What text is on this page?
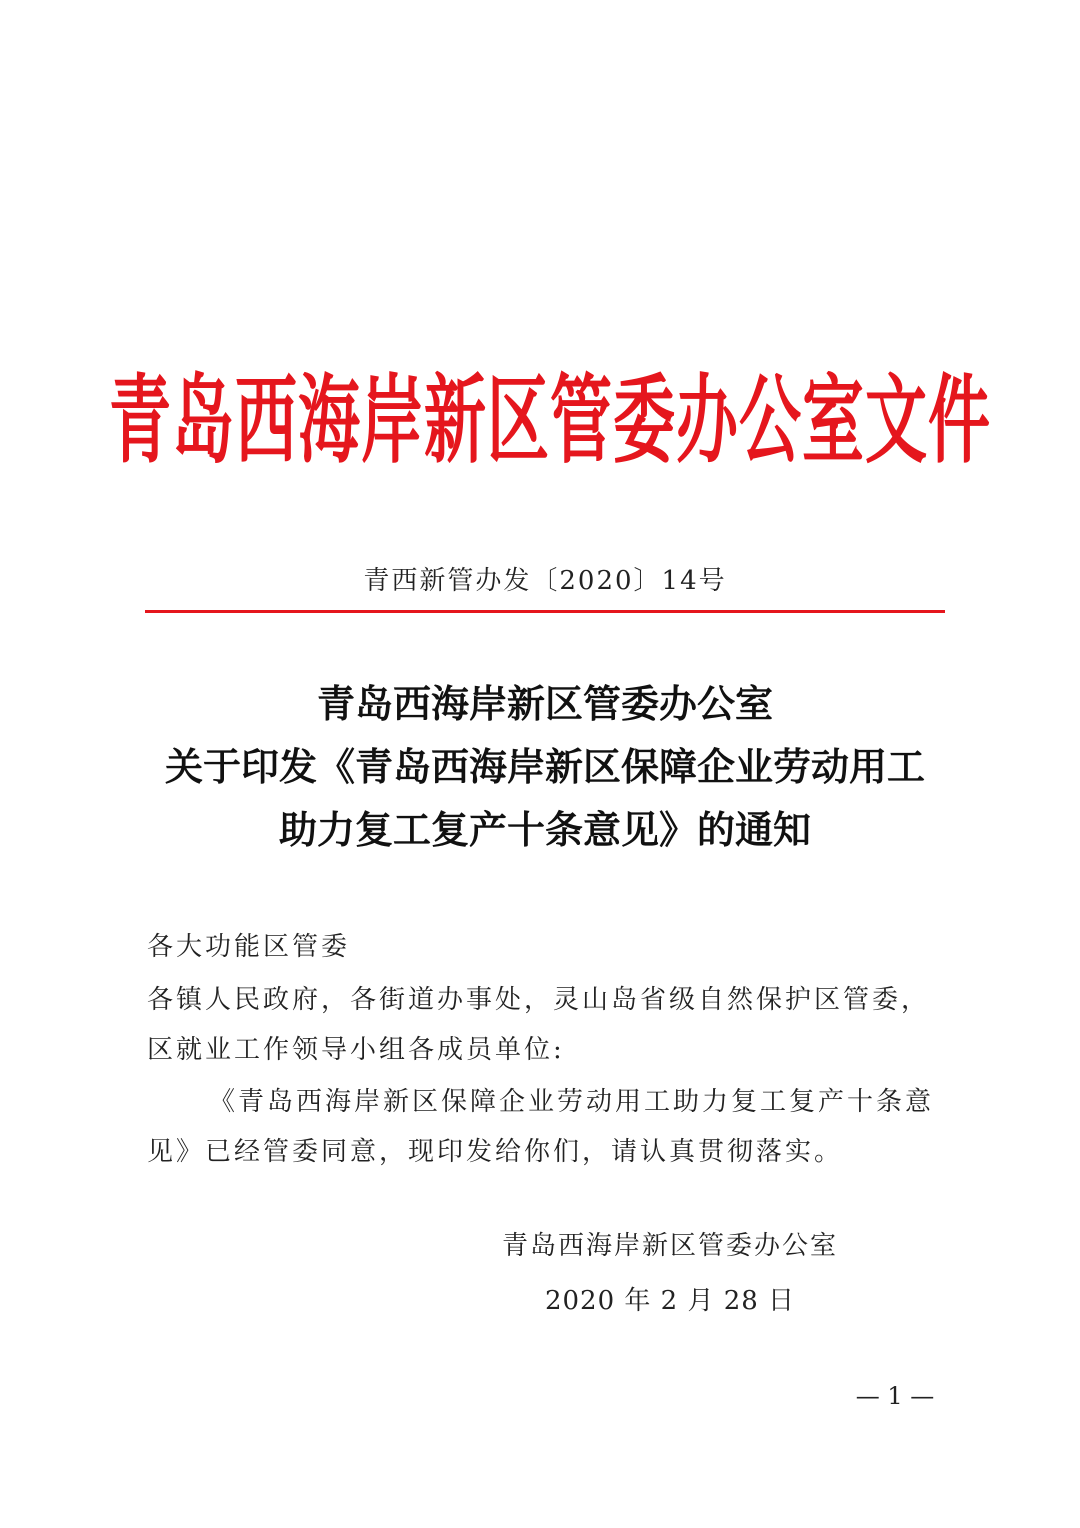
青岛西海岸新区管委办公室文件
青西新管办发〔2020〕14号
青岛西海岸新区管委办公室
关于印发《青岛西海岸新区保障企业劳动用工
助力复工复产十条意见》的通知
各大功能区管委
各镇人民政府，各街道办事处，灵山岛省级自然保护区管委，区就业工作领导小组各成员单位:
《青岛西海岸新区保障企业劳动用工助力复工复产十条意见》已经管委同意，现印发给你们，请认真贯彻落实。
青岛西海岸新区管委办公室
2020 年 2 月 28 日
— 1 —
